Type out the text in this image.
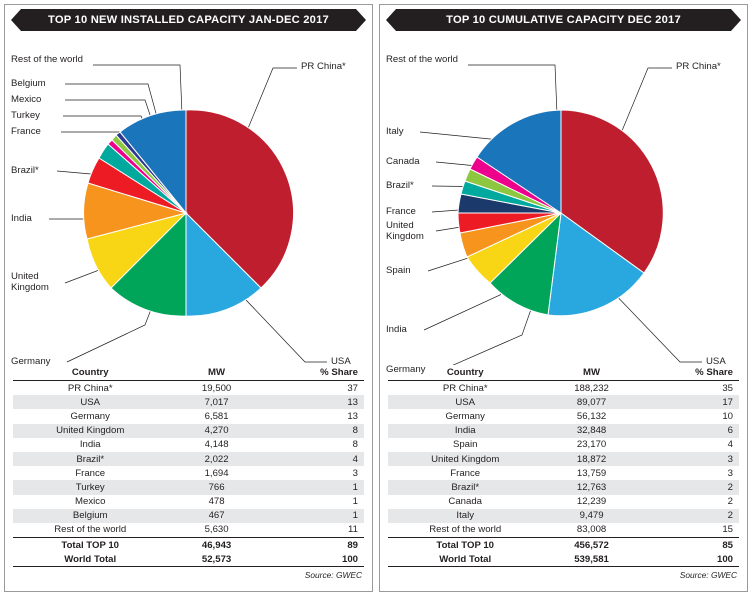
TOP 10 NEW INSTALLED CAPACITY JAN-DEC 2017
Rest of the world
Belgium
Mexico
Turkey
France
Brazil*
India
United
Kingdom
Germany
PR China*
USA
Country	MW	% Share
PR China*	19,500	37
USA	7,017	13
Germany	6,581	13
United Kingdom	4,270	8
India	4,148	8
Brazil*	2,022	4
France	1,694	3
Turkey	766	1
Mexico	478	1
Belgium	467	1
Rest of the world	5,630	11
Total TOP 10	46,943	89
World Total	52,573	100
Source: GWEC
TOP 10 CUMULATIVE CAPACITY DEC 2017
Rest of the world
Italy
Canada
Brazil*
France
United
Kingdom
Spain
India
Germany
PR China*
USA
Country	MW	% Share
PR China*	188,232	35
USA	89,077	17
Germany	56,132	10
India	32,848	6
Spain	23,170	4
United Kingdom	18,872	3
France	13,759	3
Brazil*	12,763	2
Canada	12,239	2
Italy	9,479	2
Rest of the world	83,008	15
Total TOP 10	456,572	85
World Total	539,581	100
Source: GWEC
